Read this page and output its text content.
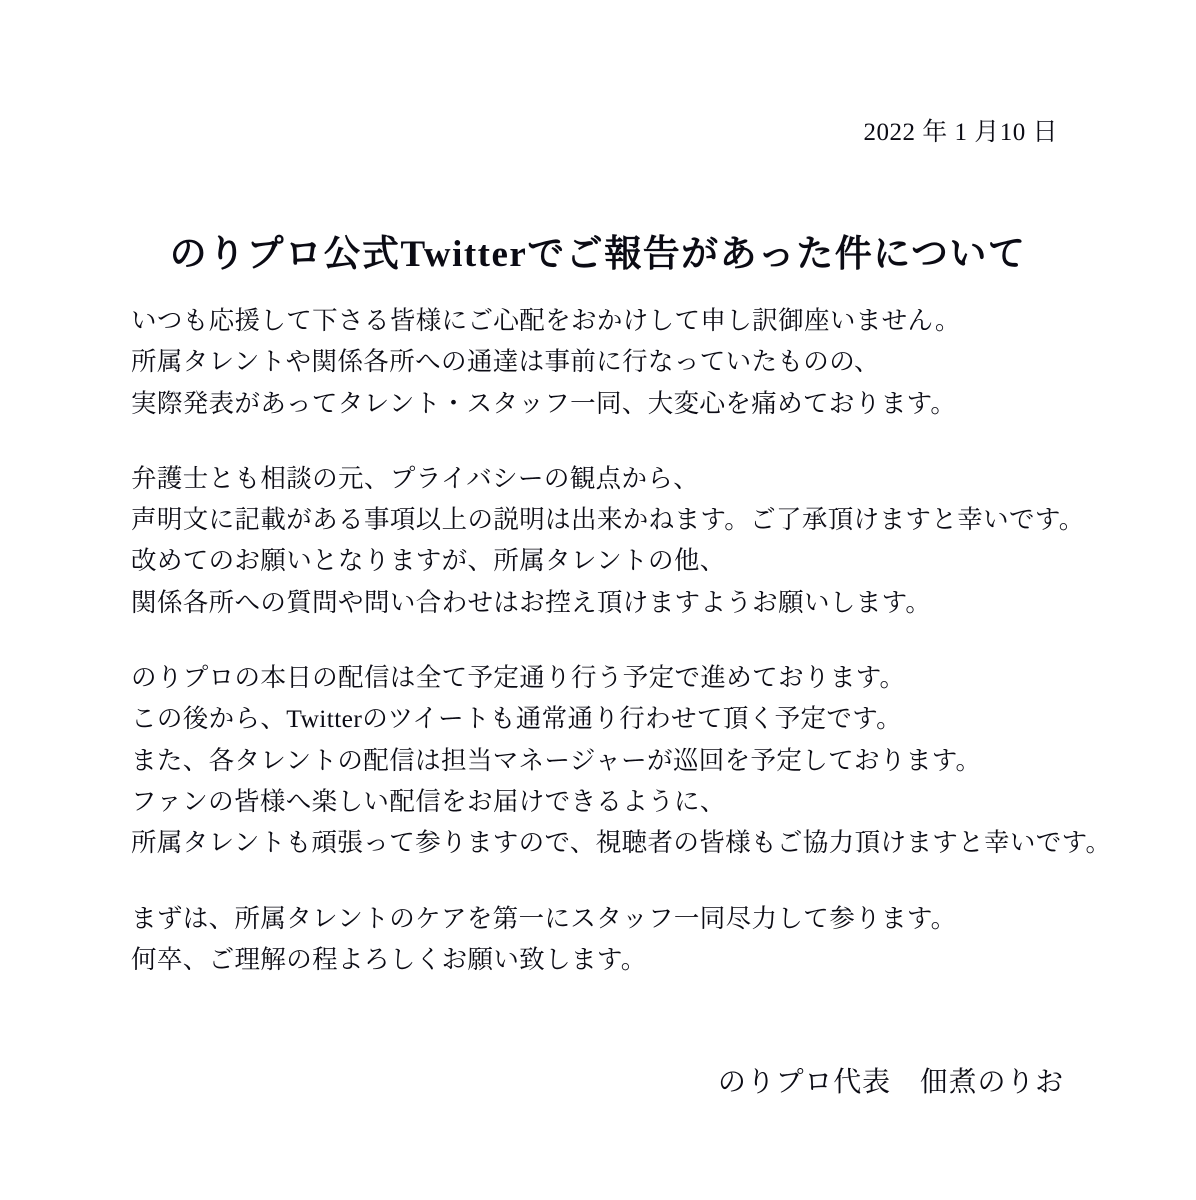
2022 年 1 月10 日
のりプロ公式Twitterでご報告があった件について
いつも応援して下さる皆様にご心配をおかけして申し訳御座いません。
所属タレントや関係各所への通達は事前に行なっていたものの、
実際発表があってタレント・スタッフ一同、大変心を痛めております。
弁護士とも相談の元、プライバシーの観点から、
声明文に記載がある事項以上の説明は出来かねます。ご了承頂けますと幸いです。
改めてのお願いとなりますが、所属タレントの他、
関係各所への質問や問い合わせはお控え頂けますようお願いします。
のりプロの本日の配信は全て予定通り行う予定で進めております。
この後から、Twitterのツイートも通常通り行わせて頂く予定です。
また、各タレントの配信は担当マネージャーが巡回を予定しております。
ファンの皆様へ楽しい配信をお届けできるように、
所属タレントも頑張って参りますので、視聴者の皆様もご協力頂けますと幸いです。
まずは、所属タレントのケアを第一にスタッフ一同尽力して参ります。
何卒、ご理解の程よろしくお願い致します。
のりプロ代表　佃煮のりお
